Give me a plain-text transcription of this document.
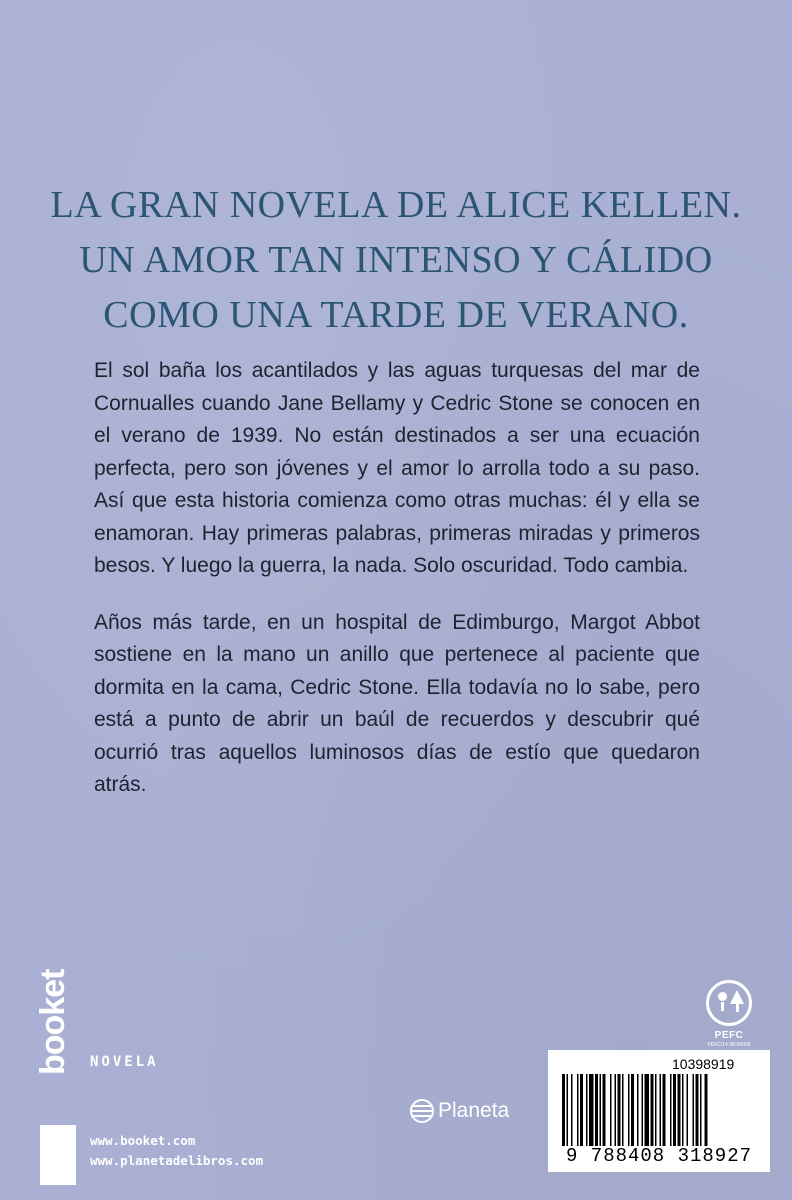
LA GRAN NOVELA DE ALICE KELLEN.
UN AMOR TAN INTENSO Y CÁLIDO
COMO UNA TARDE DE VERANO.

El sol baña los acantilados y las aguas turquesas del mar de Cornualles cuando Jane Bellamy y Cedric Stone se conocen en el verano de 1939. No están destinados a ser una ecuación perfecta, pero son jóvenes y el amor lo arrolla todo a su paso. Así que esta historia comienza como otras muchas: él y ella se enamoran. Hay primeras palabras, primeras miradas y primeros besos. Y luego la guerra, la nada. Solo oscuridad. Todo cambia.

Años más tarde, en un hospital de Edimburgo, Margot Abbot sostiene en la mano un anillo que pertenece al paciente que dormita en la cama, Cedric Stone. Ella todavía no lo sabe, pero está a punto de abrir un baúl de recuerdos y descubrir qué ocurrió tras aquellos luminosos días de estío que quedaron atrás.

PEFC
PEFC/14-38-00005
booket NOVELA
www.booket.com
www.planetadelibros.com
Planeta
10398919
9 788408 318927
